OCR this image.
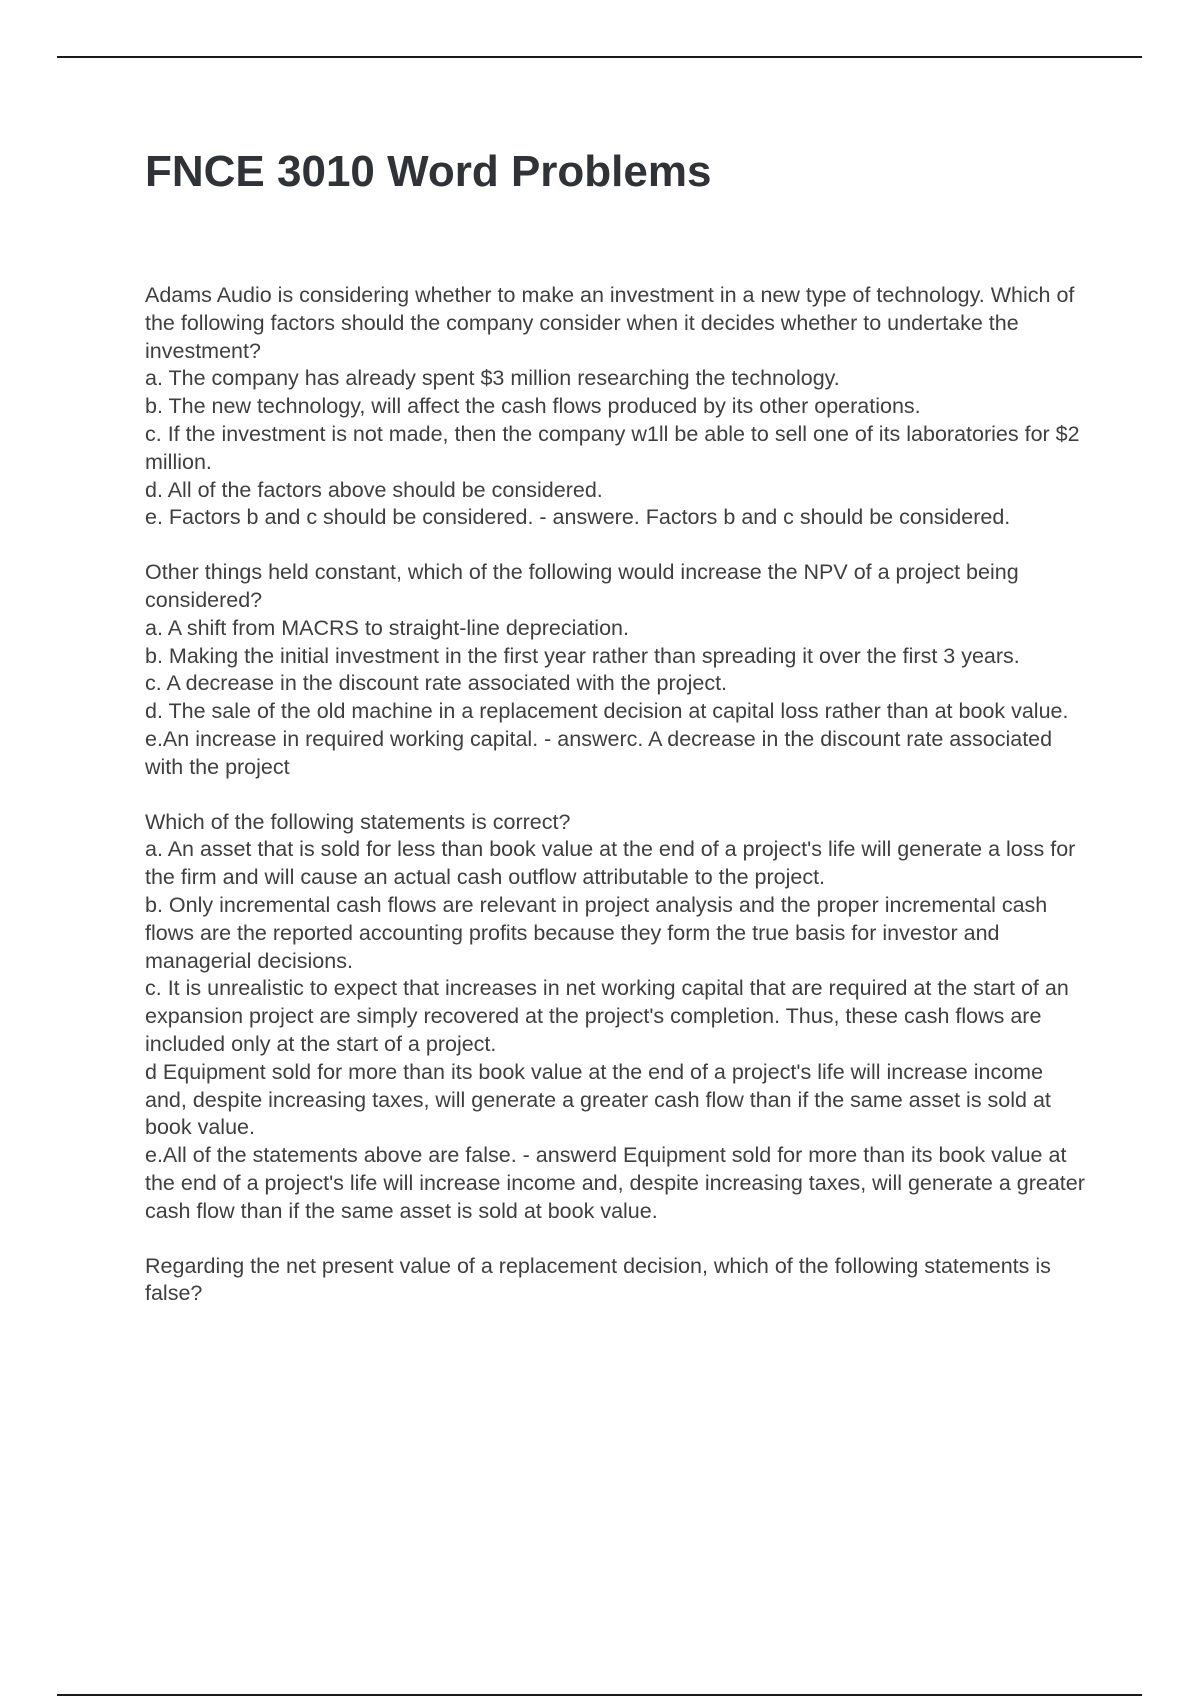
FNCE 3010 Word Problems

Adams Audio is considering whether to make an investment in a new type of technology. Which of the following factors should the company consider when it decides whether to undertake the investment?

a. The company has already spent $3 million researching the technology.

b. The new technology, will affect the cash flows produced by its other operations.

c. If the investment is not made, then the company w1ll be able to sell one of its laboratories for $2 million.

d. All of the factors above should be considered.

e. Factors b and c should be considered. - answere. Factors b and c should be considered.

Other things held constant, which of the following would increase the NPV of a project being considered?

a. A shift from MACRS to straight-line depreciation.

b. Making the initial investment in the first year rather than spreading it over the first 3 years.

c. A decrease in the discount rate associated with the project.

d. The sale of the old machine in a replacement decision at capital loss rather than at book value.

e.An increase in required working capital. - answerc. A decrease in the discount rate associated with the project

Which of the following statements is correct?

a. An asset that is sold for less than book value at the end of a project's life will generate a loss for the firm and will cause an actual cash outflow attributable to the project.

b. Only incremental cash flows are relevant in project analysis and the proper incremental cash flows are the reported accounting profits because they form the true basis for investor and managerial decisions.

c. It is unrealistic to expect that increases in net working capital that are required at the start of an expansion project are simply recovered at the project's completion. Thus, these cash flows are included only at the start of a project.

d Equipment sold for more than its book value at the end of a project's life will increase income and, despite increasing taxes, will generate a greater cash flow than if the same asset is sold at book value.

e.All of the statements above are false. - answerd Equipment sold for more than its book value at the end of a project's life will increase income and, despite increasing taxes, will generate a greater cash flow than if the same asset is sold at book value.

Regarding the net present value of a replacement decision, which of the following statements is false?
